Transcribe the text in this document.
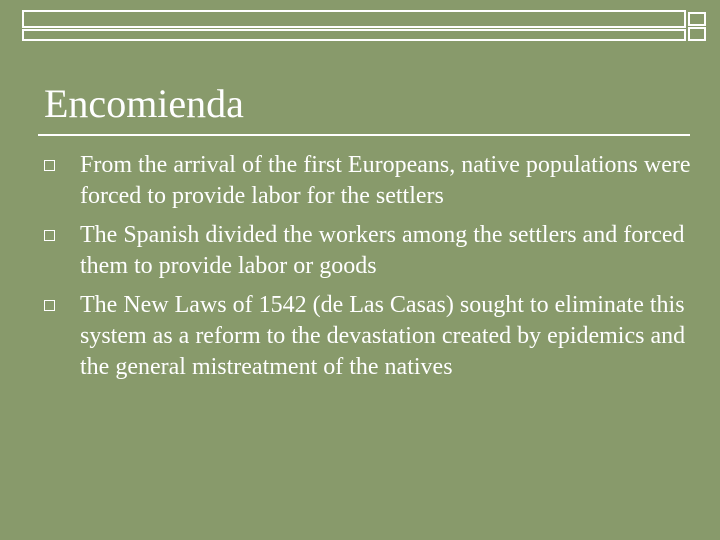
Encomienda
From the arrival of the first Europeans, native populations were forced to provide labor for the settlers
The Spanish divided the workers among the settlers and forced them to provide labor or goods
The New Laws of 1542 (de Las Casas) sought to eliminate this system as a reform to the devastation created by epidemics and the general mistreatment of the natives
